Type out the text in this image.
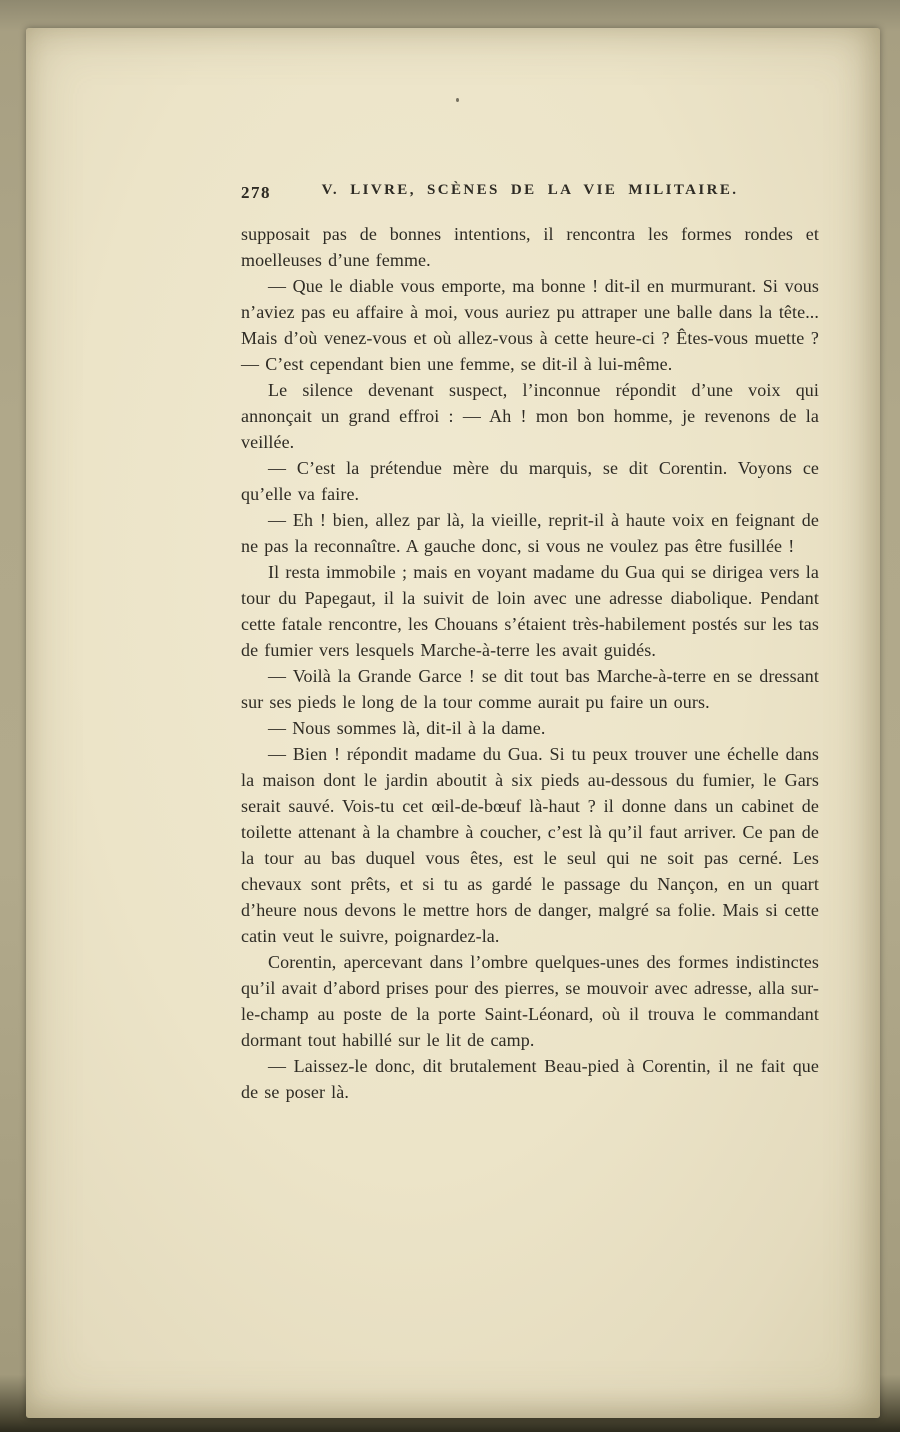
278	V. LIVRE, SCÈNES DE LA VIE MILITAIRE.

supposait pas de bonnes intentions, il rencontra les formes rondes et moelleuses d’une femme.

— Que le diable vous emporte, ma bonne ! dit-il en murmurant. Si vous n’aviez pas eu affaire à moi, vous auriez pu attraper une balle dans la tête... Mais d’où venez-vous et où allez-vous à cette heure-ci ? Êtes-vous muette ? — C’est cependant bien une femme, se dit-il à lui-même.

Le silence devenant suspect, l’inconnue répondit d’une voix qui annonçait un grand effroi : — Ah ! mon bon homme, je revenons de la veillée.

— C’est la prétendue mère du marquis, se dit Corentin. Voyons ce qu’elle va faire.

— Eh ! bien, allez par là, la vieille, reprit-il à haute voix en feignant de ne pas la reconnaître. A gauche donc, si vous ne voulez pas être fusillée !

Il resta immobile ; mais en voyant madame du Gua qui se dirigea vers la tour du Papegaut, il la suivit de loin avec une adresse diabolique. Pendant cette fatale rencontre, les Chouans s’étaient très-habilement postés sur les tas de fumier vers lesquels Marche-à-terre les avait guidés.

— Voilà la Grande Garce ! se dit tout bas Marche-à-terre en se dressant sur ses pieds le long de la tour comme aurait pu faire un ours.

— Nous sommes là, dit-il à la dame.

— Bien ! répondit madame du Gua. Si tu peux trouver une échelle dans la maison dont le jardin aboutit à six pieds au-dessous du fumier, le Gars serait sauvé. Vois-tu cet œil-de-bœuf là-haut ? il donne dans un cabinet de toilette attenant à la chambre à coucher, c’est là qu’il faut arriver. Ce pan de la tour au bas duquel vous êtes, est le seul qui ne soit pas cerné. Les chevaux sont prêts, et si tu as gardé le passage du Nançon, en un quart d’heure nous devons le mettre hors de danger, malgré sa folie. Mais si cette catin veut le suivre, poignardez-la.

Corentin, apercevant dans l’ombre quelques-unes des formes indistinctes qu’il avait d’abord prises pour des pierres, se mouvoir avec adresse, alla sur-le-champ au poste de la porte Saint-Léonard, où il trouva le commandant dormant tout habillé sur le lit de camp.

— Laissez-le donc, dit brutalement Beau-pied à Corentin, il ne fait que de se poser là.
